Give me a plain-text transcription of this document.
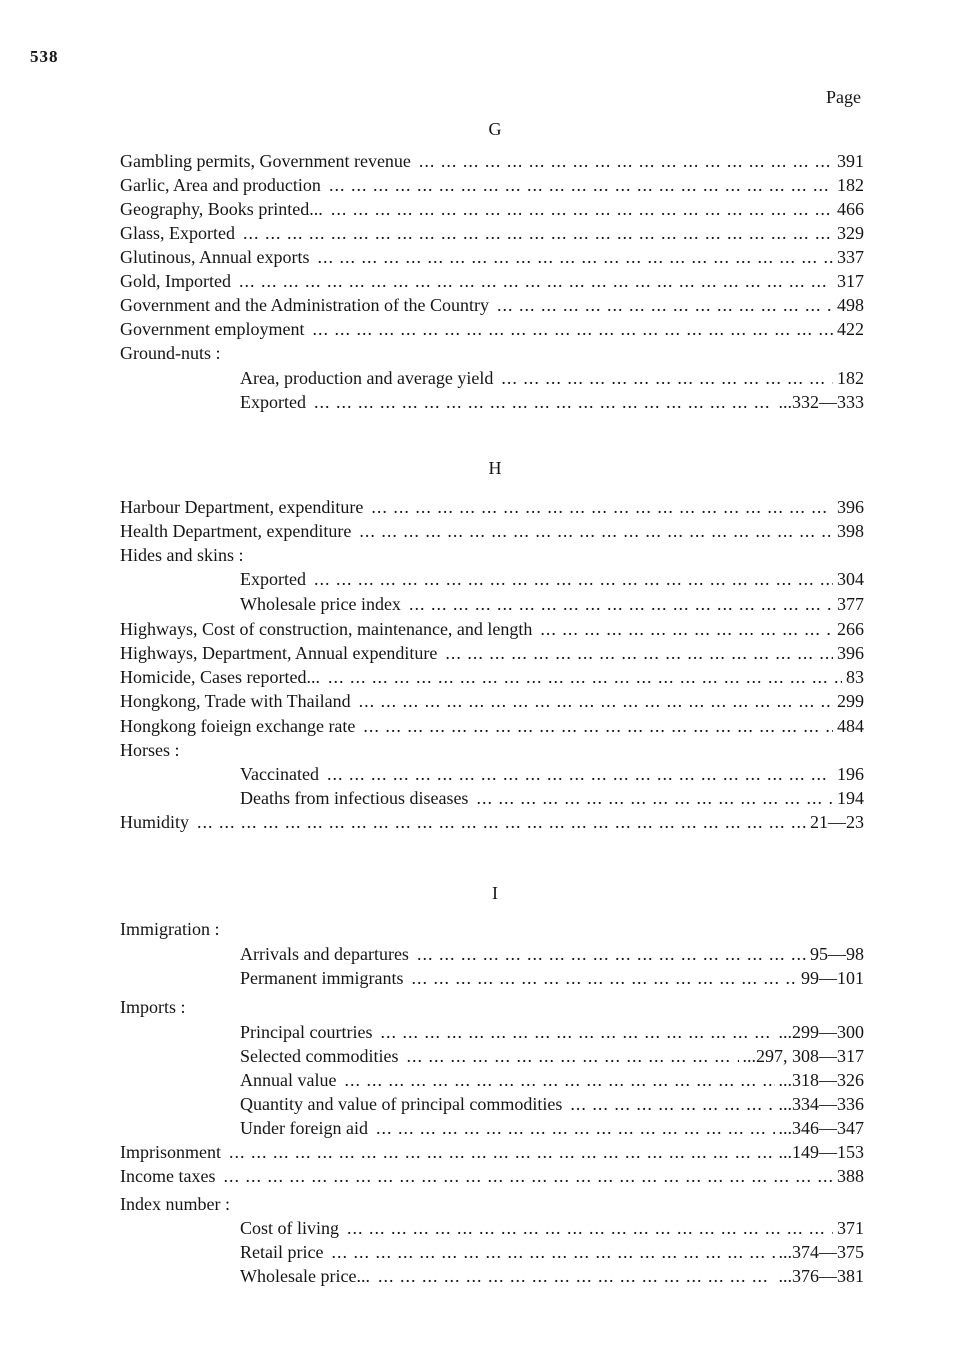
538
Page
G
Gambling permits, Government revenue ... .	391
Garlic, Area and production ... .	182
Geography, Books printed... ... .	466
Glass, Exported ... .	329
Glutinous, Annual exports ... .	337
Gold, Imported ... .	317
Government and the Administration of the Country ... .	498
Government employment ... .	422
Ground-nuts :
Area, production and average yield ... .	182
Exported ... .	...332—333
H
Harbour Department, expenditure ... .	396
Health Department, expenditure ... .	398
Hides and skins :
Exported ... .	304
Wholesale price index ... .	377
Highways, Cost of construction, maintenance, and length ... .	266
Highways, Department, Annual expenditure ... .	396
Homicide, Cases reported... ... .	83
Hongkong, Trade with Thailand ... .	299
Hongkong foieign exchange rate ... .	484
Horses :
Vaccinated ... .	196
Deaths from infectious diseases ... .	194
Humidity ... .	21—23
I
Immigration :
Arrivals and departures ... .	95—98
Permanent immigrants ... .	99—101
Imports :
Principal courtries ... .	...299—300
Selected commodities ... .	...297, 308—317
Annual value ... .	...318—326
Quantity and value of principal commodities ... .	...334—336
Under foreign aid ... .	...346—347
Imprisonment ... .	...149—153
Income taxes ... .	388
Index number :
Cost of living ... .	371
Retail price ... .	...374—375
Wholesale price... ... .	...376—381
